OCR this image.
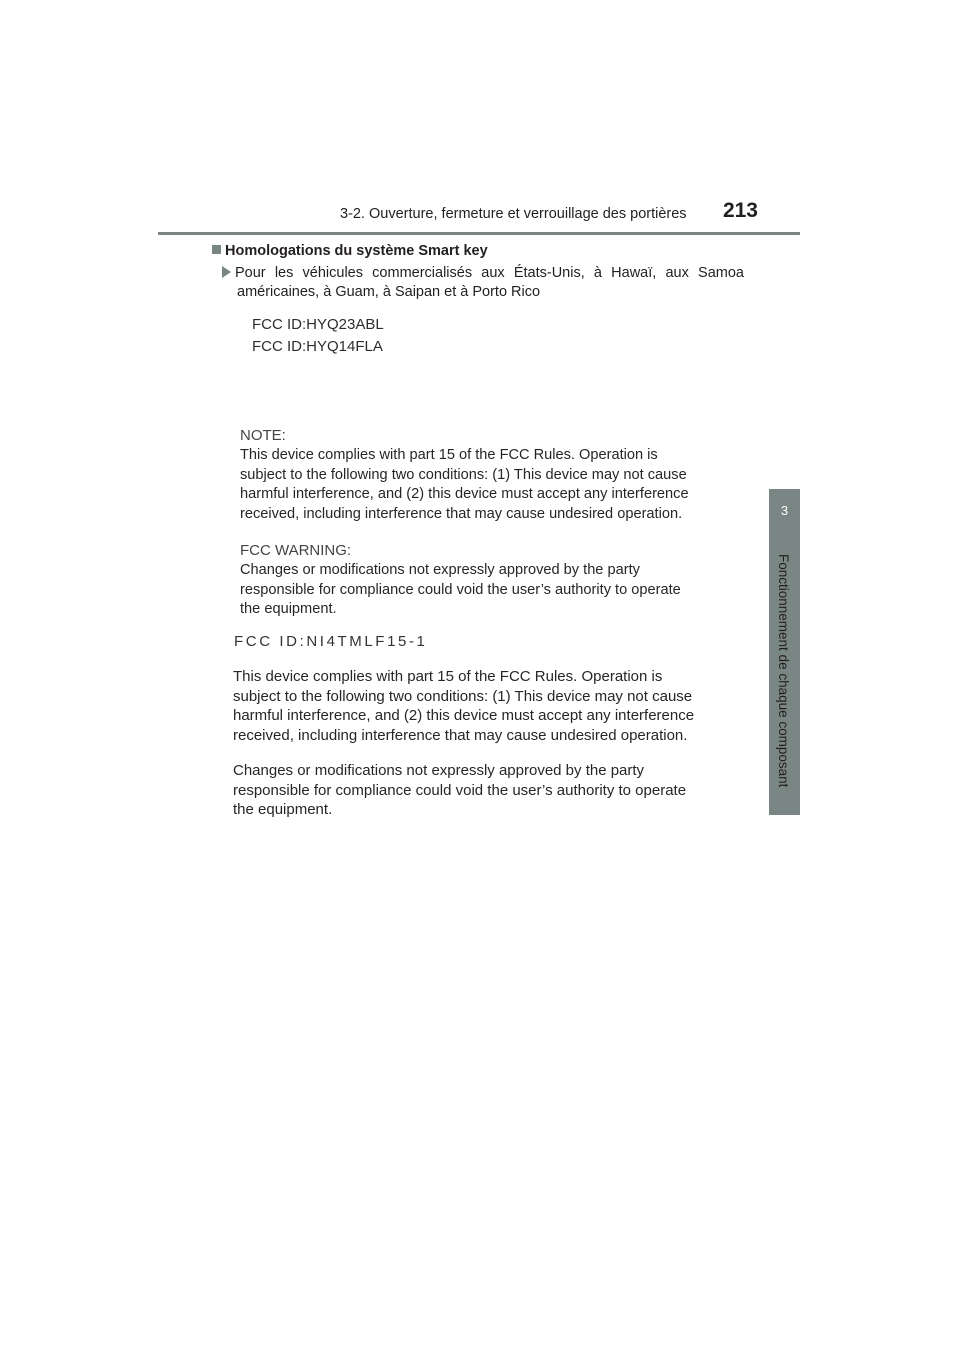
3-2. Ouverture, fermeture et verrouillage des portières	213
3
Fonctionnement de chaque composant
Homologations du système Smart key
Pour les véhicules commercialisés aux États-Unis, à Hawaï, aux Samoa
américaines, à Guam, à Saipan et à Porto Rico
FCC ID:HYQ23ABL
FCC ID:HYQ14FLA
NOTE:
This device complies with part 15 of the FCC Rules. Operation is
subject to the following two conditions: (1) This device may not cause
harmful interference, and (2) this device must accept any interference
received, including interference that may cause undesired operation.
FCC WARNING:
Changes or modifications not expressly approved by the party
responsible for compliance could void the user’s authority to operate
the equipment.
FCC ID:NI4TMLF15-1
This device complies with part 15 of the FCC Rules. Operation is
subject to the following two conditions: (1) This device may not cause
harmful interference, and (2) this device must accept any interference
received, including interference that may cause undesired operation.
Changes or modifications not expressly approved by the party
responsible for compliance could void the user’s authority to operate
the equipment.
